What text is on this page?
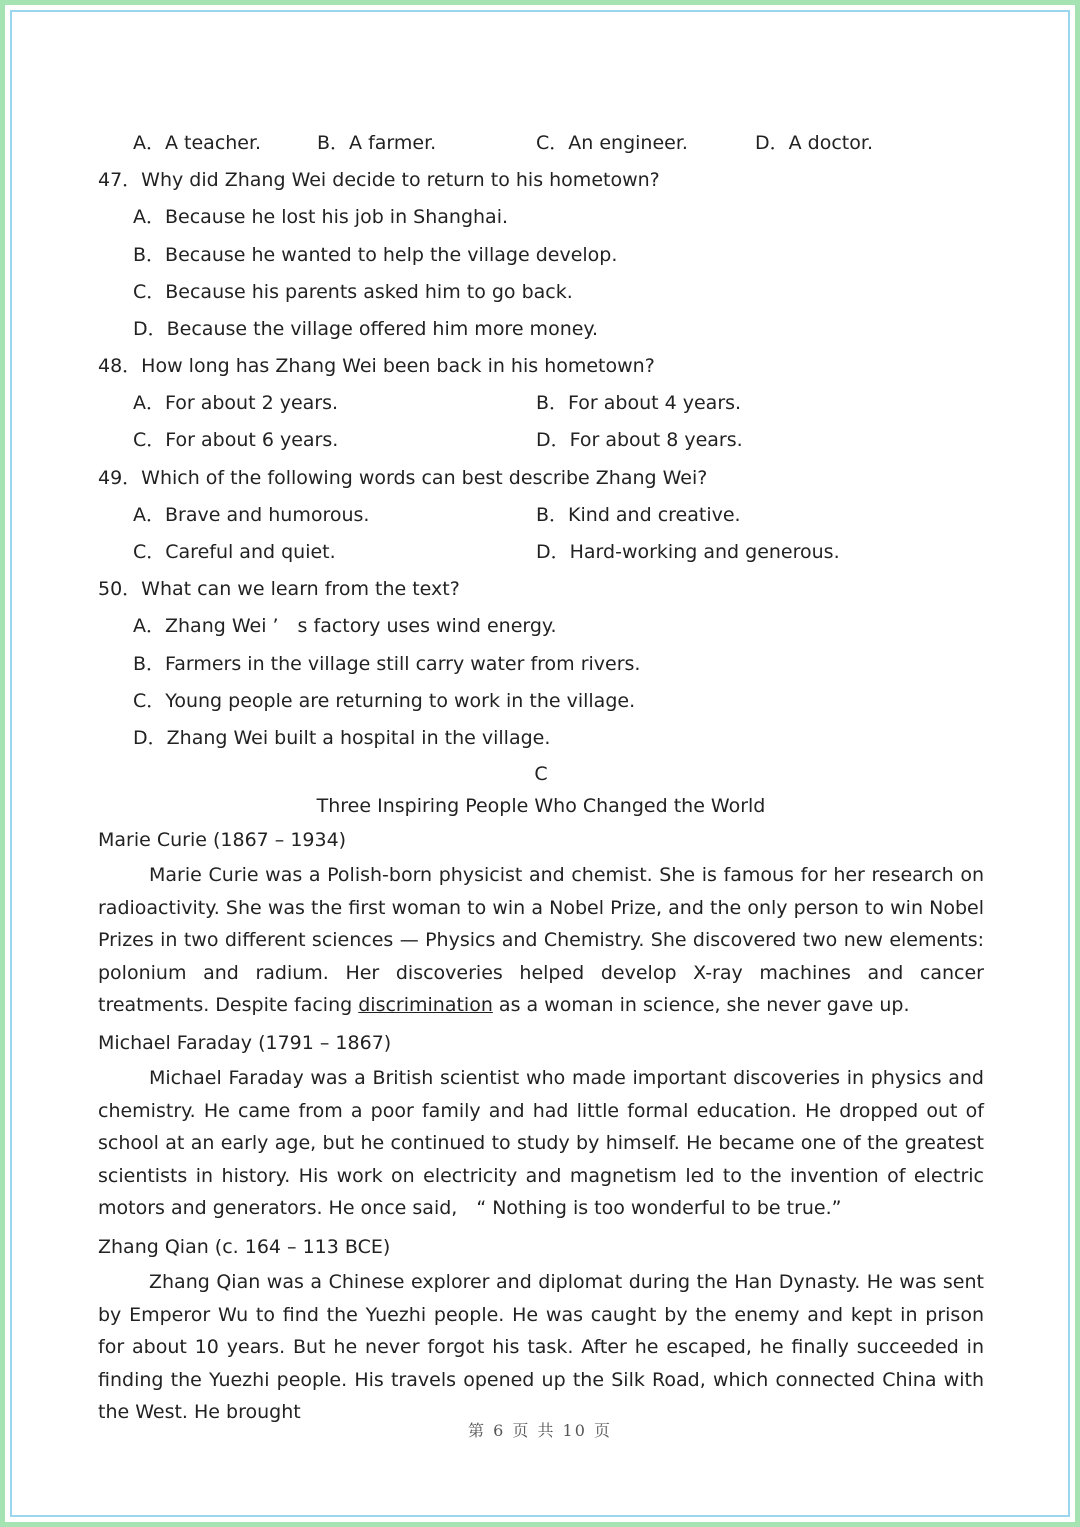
A．A teacher.	B．A farmer.	C．An engineer.	D．A doctor.
47．Why did Zhang Wei decide to return to his hometown?
A．Because he lost his job in Shanghai.
B．Because he wanted to help the village develop.
C．Because his parents asked him to go back.
D．Because the village offered him more money.
48．How long has Zhang Wei been back in his hometown?
A．For about 2 years.	B．For about 4 years.
C．For about 6 years.	D．For about 8 years.
49．Which of the following words can best describe Zhang Wei?
A．Brave and humorous.	B．Kind and creative.
C．Careful and quiet.	D．Hard-working and generous.
50．What can we learn from the text?
A．Zhang Wei ’　s factory uses wind energy.
B．Farmers in the village still carry water from rivers.
C．Young people are returning to work in the village.
D．Zhang Wei built a hospital in the village.
C
Three Inspiring People Who Changed the World
Marie Curie (1867 – 1934)
Marie Curie was a Polish-born physicist and chemist. She is famous for her research on radioactivity. She was the first woman to win a Nobel Prize, and the only person to win Nobel Prizes in two different sciences — Physics and Chemistry. She discovered two new elements: polonium and radium. Her discoveries helped develop X-ray machines and cancer treatments. Despite facing discrimination as a woman in science, she never gave up.
Michael Faraday (1791 – 1867)
Michael Faraday was a British scientist who made important discoveries in physics and chemistry. He came from a poor family and had little formal education. He dropped out of school at an early age, but he continued to study by himself. He became one of the greatest scientists in history. His work on electricity and magnetism led to the invention of electric motors and generators. He once said,　“ Nothing is too wonderful to be true.”
Zhang Qian (c. 164 – 113 BCE)
Zhang Qian was a Chinese explorer and diplomat during the Han Dynasty. He was sent by Emperor Wu to find the Yuezhi people. He was caught by the enemy and kept in prison for about 10 years. But he never forgot his task. After he escaped, he finally succeeded in finding the Yuezhi people. His travels opened up the Silk Road, which connected China with the West. He brought
第 6 页 共 10 页
